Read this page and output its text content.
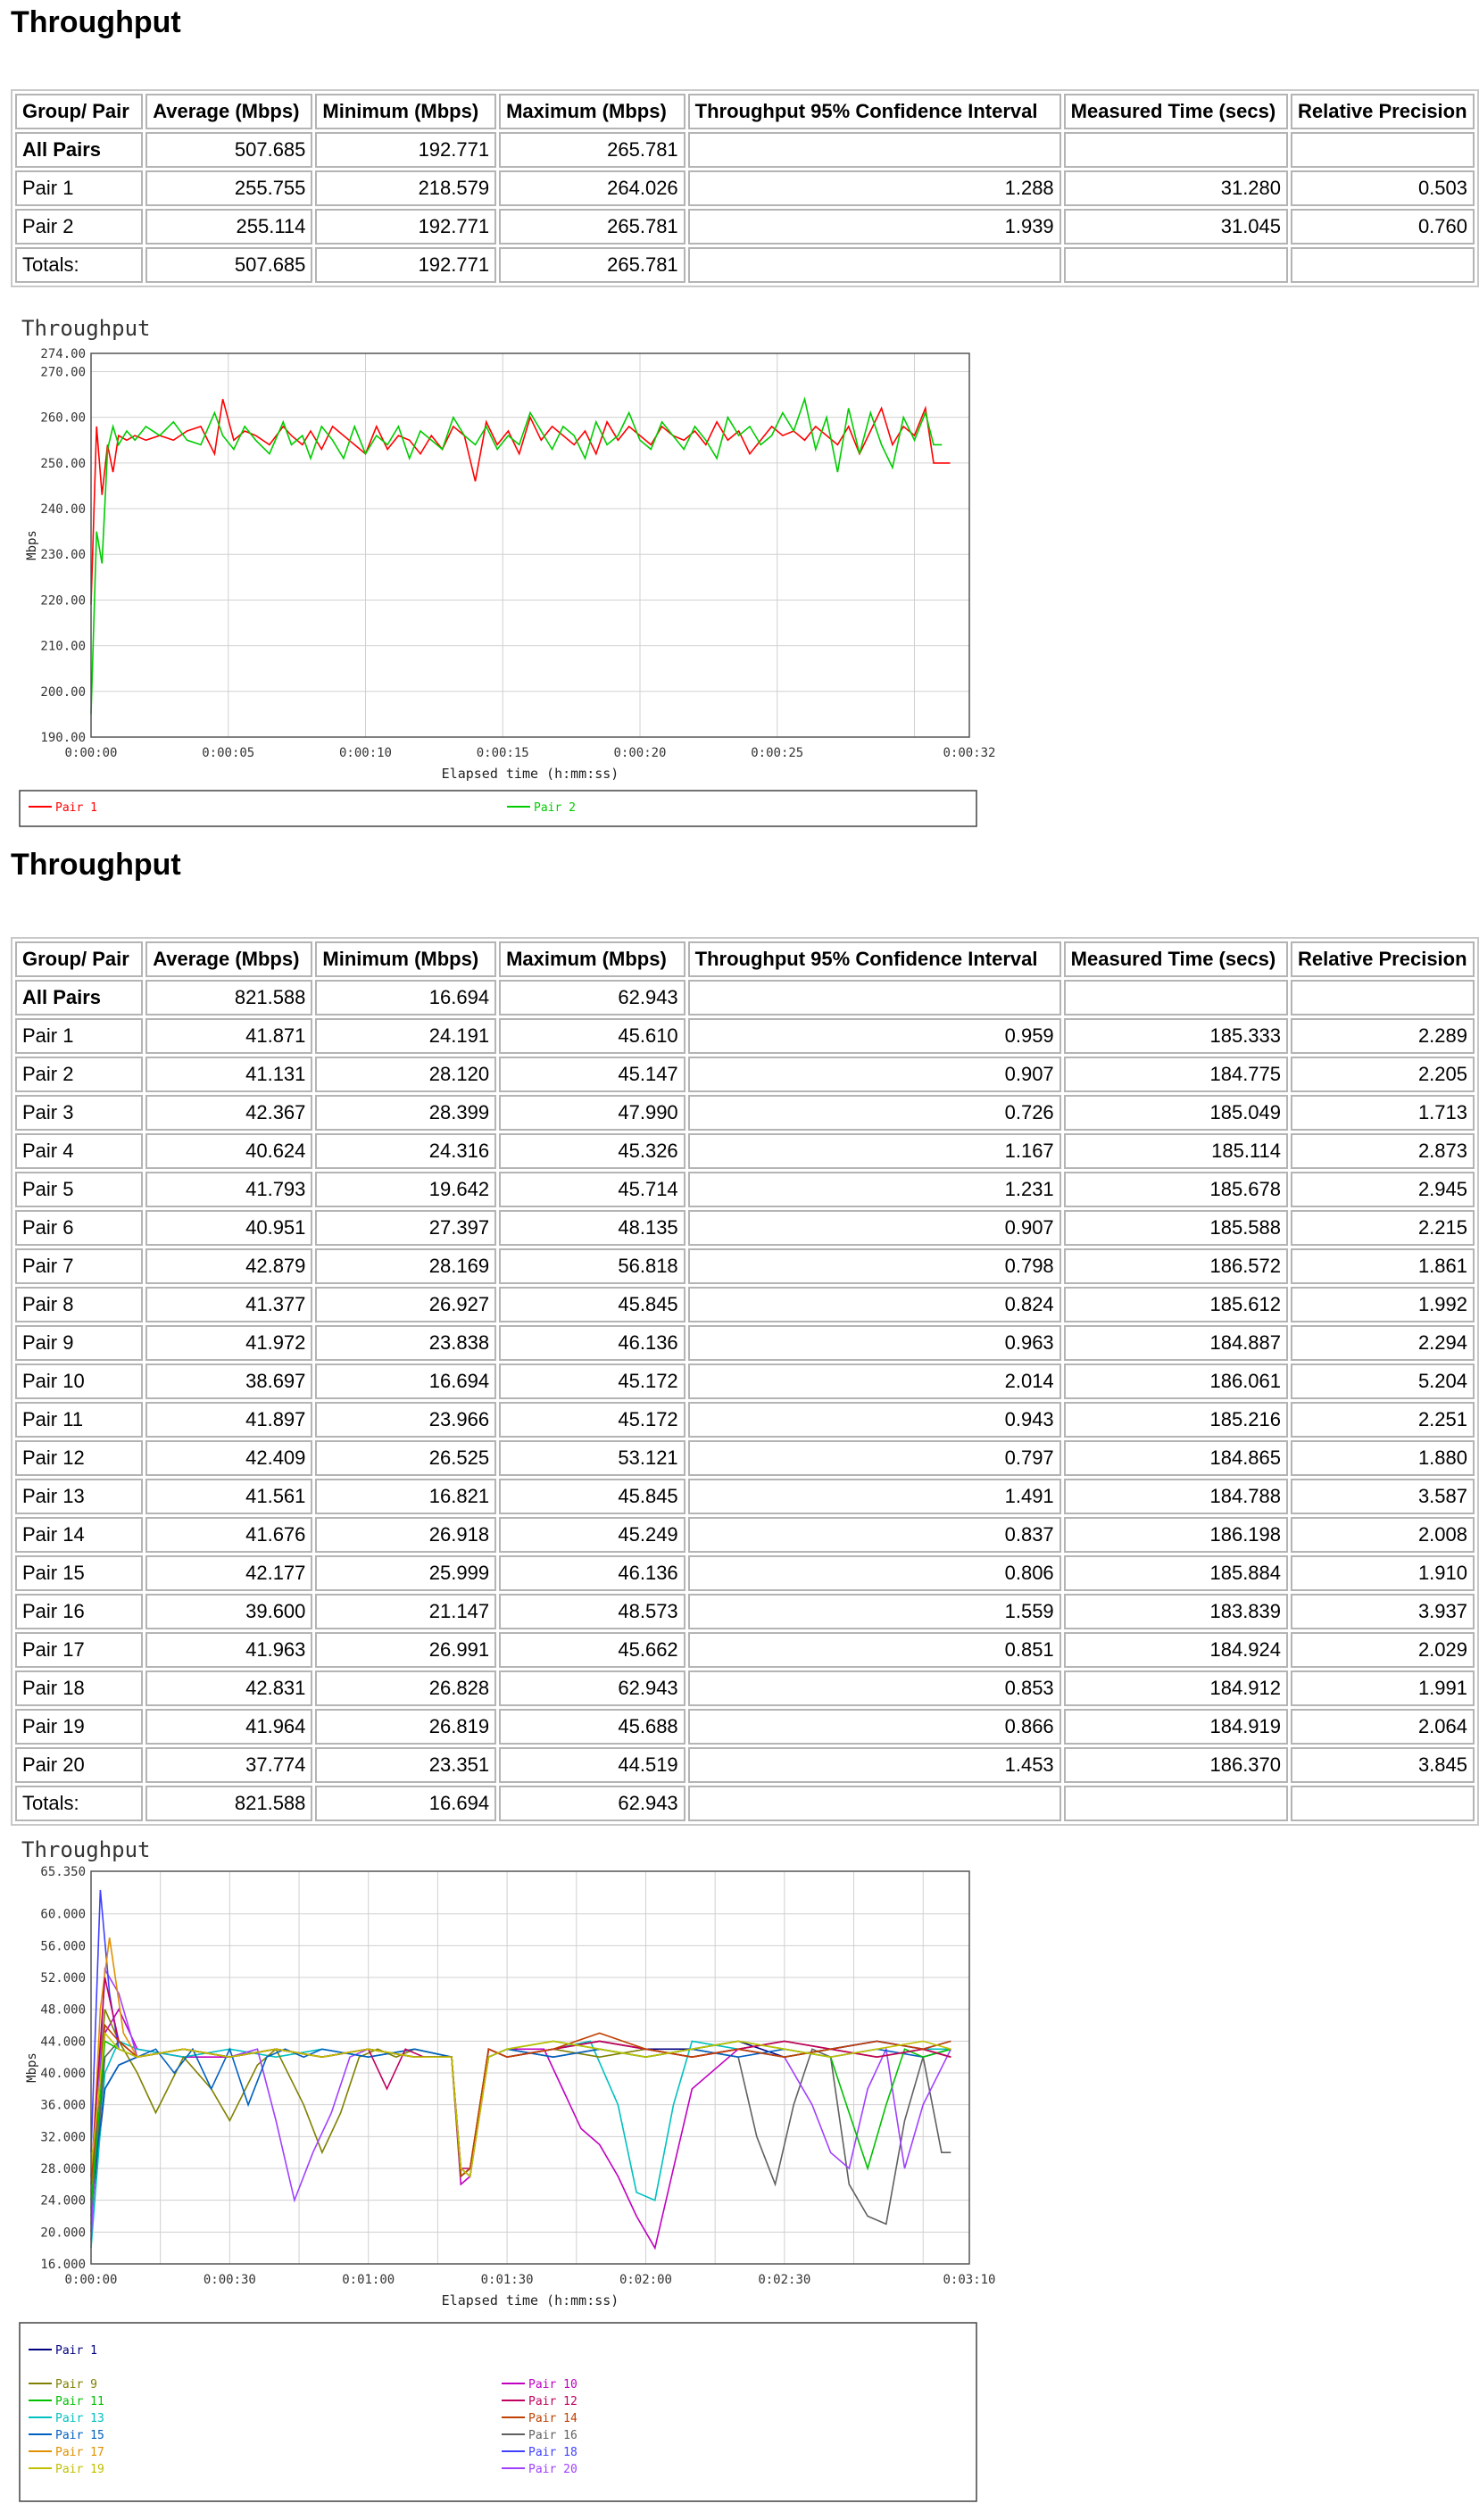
Throughput
Group/ Pair	Average (Mbps)	Minimum (Mbps)	Maximum (Mbps)	Throughput 95% Confidence Interval	Measured Time (secs)	Relative Precision
All Pairs	507.685	192.771	265.781			
Pair 1	255.755	218.579	264.026	1.288	31.280	0.503
Pair 2	255.114	192.771	265.781	1.939	31.045	0.760
Totals:	507.685	192.771	265.781			
Throughput
190.00
200.00
210.00
220.00
230.00
240.00
250.00
260.00
270.00
274.00
0:00:00	0:00:05	0:00:10	0:00:15	0:00:20	0:00:25	0:00:32
Elapsed time (h:mm:ss)
Mbps
Pair 1	Pair 2
Throughput
Group/ Pair	Average (Mbps)	Minimum (Mbps)	Maximum (Mbps)	Throughput 95% Confidence Interval	Measured Time (secs)	Relative Precision
All Pairs	821.588	16.694	62.943			
Pair 1	41.871	24.191	45.610	0.959	185.333	2.289
Pair 2	41.131	28.120	45.147	0.907	184.775	2.205
Pair 3	42.367	28.399	47.990	0.726	185.049	1.713
Pair 4	40.624	24.316	45.326	1.167	185.114	2.873
Pair 5	41.793	19.642	45.714	1.231	185.678	2.945
Pair 6	40.951	27.397	48.135	0.907	185.588	2.215
Pair 7	42.879	28.169	56.818	0.798	186.572	1.861
Pair 8	41.377	26.927	45.845	0.824	185.612	1.992
Pair 9	41.972	23.838	46.136	0.963	184.887	2.294
Pair 10	38.697	16.694	45.172	2.014	186.061	5.204
Pair 11	41.897	23.966	45.172	0.943	185.216	2.251
Pair 12	42.409	26.525	53.121	0.797	184.865	1.880
Pair 13	41.561	16.821	45.845	1.491	184.788	3.587
Pair 14	41.676	26.918	45.249	0.837	186.198	2.008
Pair 15	42.177	25.999	46.136	0.806	185.884	1.910
Pair 16	39.600	21.147	48.573	1.559	183.839	3.937
Pair 17	41.963	26.991	45.662	0.851	184.924	2.029
Pair 18	42.831	26.828	62.943	0.853	184.912	1.991
Pair 19	41.964	26.819	45.688	0.866	184.919	2.064
Pair 20	37.774	23.351	44.519	1.453	186.370	3.845
Totals:	821.588	16.694	62.943			
Throughput
16.000
20.000
24.000
28.000
32.000
36.000
40.000
44.000
48.000
52.000
56.000
60.000
65.350
0:00:00	0:00:30	0:01:00	0:01:30	0:02:00	0:02:30	0:03:10
Elapsed time (h:mm:ss)
Mbps
Pair 1
Pair 9
Pair 11
Pair 13
Pair 15
Pair 17
Pair 19
Pair 10
Pair 12
Pair 14
Pair 16
Pair 18
Pair 20
